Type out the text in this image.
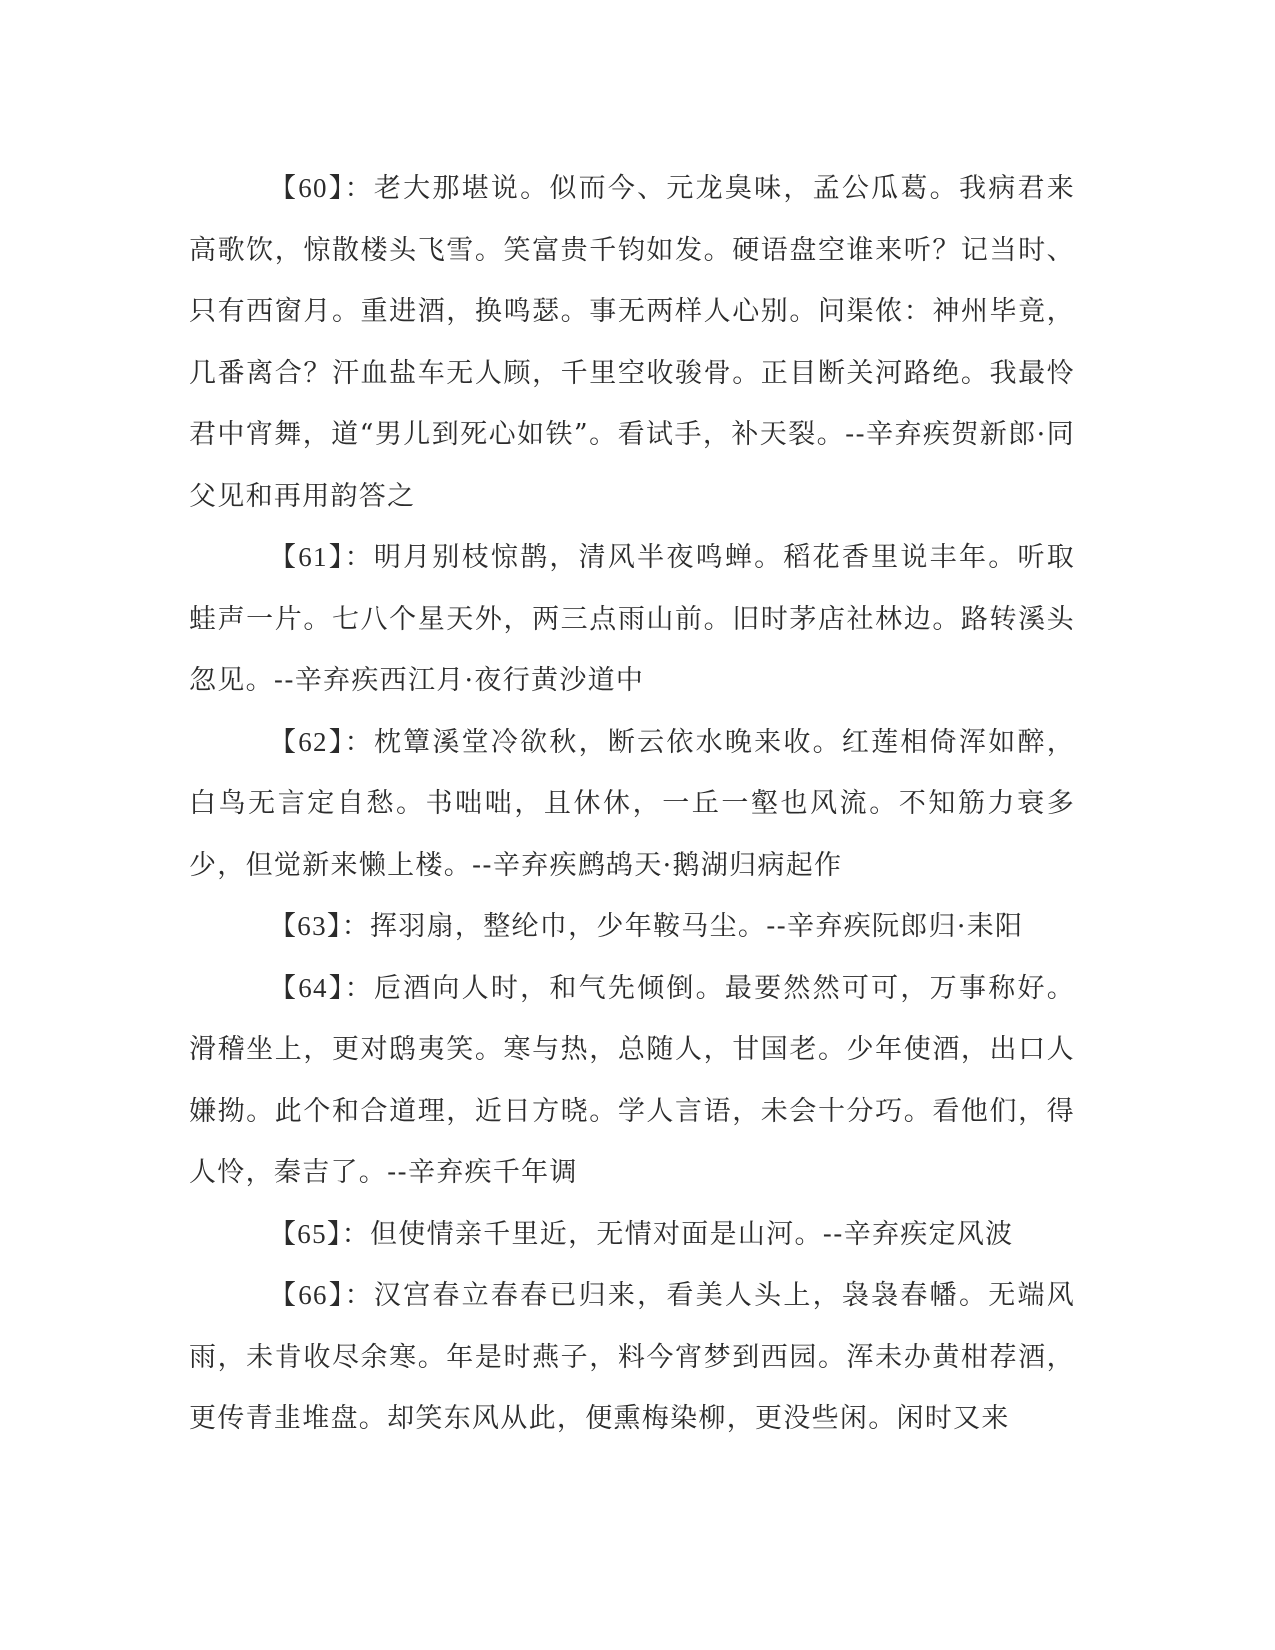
【60】：老大那堪说。似而今、元龙臭味，孟公瓜葛。我病君来高歌饮，惊散楼头飞雪。笑富贵千钧如发。硬语盘空谁来听？记当时、只有西窗月。重进酒，换鸣瑟。事无两样人心别。问渠侬：神州毕竟，几番离合？汗血盐车无人顾，千里空收骏骨。正目断关河路绝。我最怜君中宵舞，道“男儿到死心如铁”。看试手，补天裂。--辛弃疾贺新郎·同父见和再用韵答之

【61】：明月别枝惊鹊，清风半夜鸣蝉。稻花香里说丰年。听取蛙声一片。七八个星天外，两三点雨山前。旧时茅店社林边。路转溪头忽见。--辛弃疾西江月·夜行黄沙道中

【62】：枕簟溪堂冷欲秋，断云依水晚来收。红莲相倚浑如醉，白鸟无言定自愁。书咄咄，且休休，一丘一壑也风流。不知筋力衰多少，但觉新来懒上楼。--辛弃疾鹧鸪天·鹅湖归病起作

【63】：挥羽扇，整纶巾，少年鞍马尘。--辛弃疾阮郎归·耒阳

【64】：卮酒向人时，和气先倾倒。最要然然可可，万事称好。滑稽坐上，更对鸱夷笑。寒与热，总随人，甘国老。少年使酒，出口人嫌拗。此个和合道理，近日方晓。学人言语，未会十分巧。看他们，得人怜，秦吉了。--辛弃疾千年调

【65】：但使情亲千里近，无情对面是山河。--辛弃疾定风波

【66】：汉宫春立春春已归来，看美人头上，袅袅春幡。无端风雨，未肯收尽余寒。年是时燕子，料今宵梦到西园。浑未办黄柑荐酒，更传青韭堆盘。却笑东风从此，便熏梅染柳，更没些闲。闲时又来
